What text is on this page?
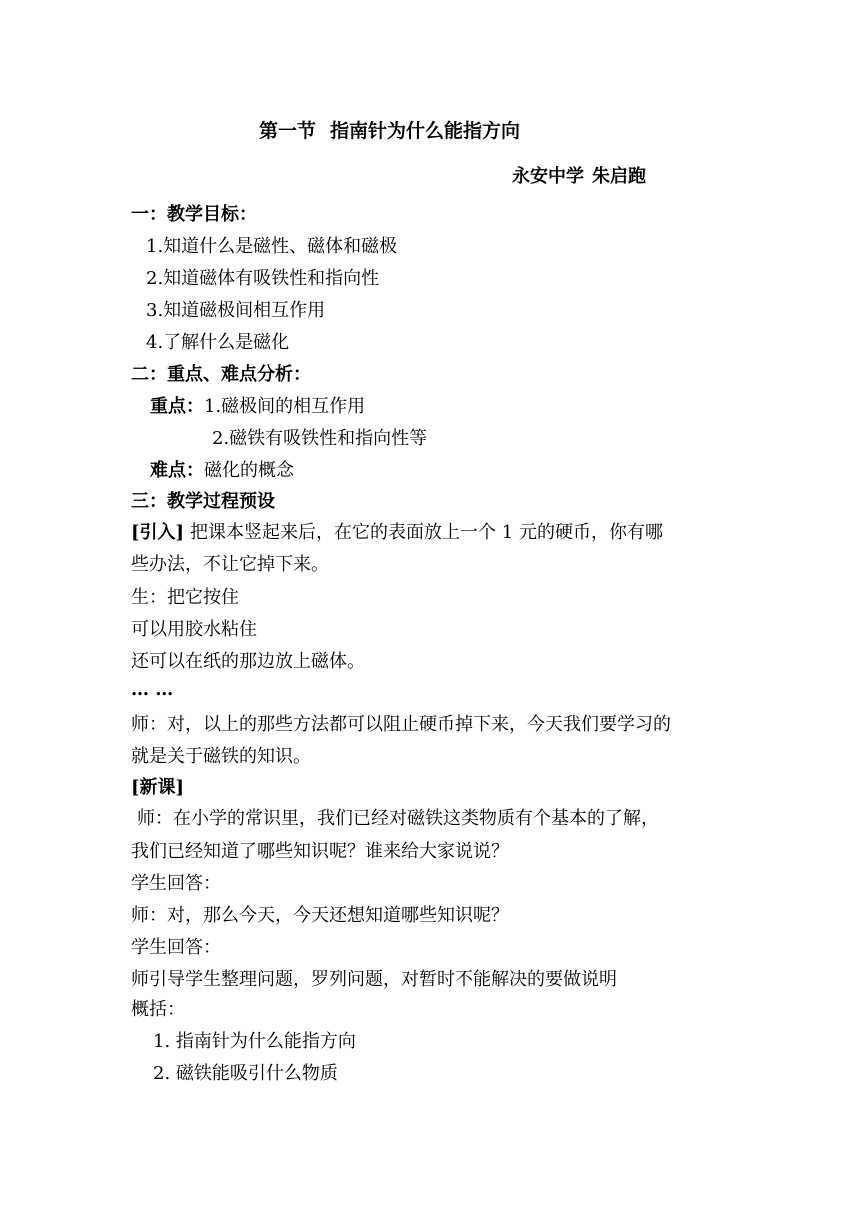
第一节 指南针为什么能指方向
永安中学 朱启跑
一：教学目标：
1.知道什么是磁性、磁体和磁极
2.知道磁体有吸铁性和指向性
3.知道磁极间相互作用
4.了解什么是磁化
二：重点、难点分析：
重点：1.磁极间的相互作用
2.磁铁有吸铁性和指向性等
难点：磁化的概念
三：教学过程预设
[引入] 把课本竖起来后，在它的表面放上一个 1 元的硬币，你有哪
些办法，不让它掉下来。
生：把它按住
可以用胶水粘住
还可以在纸的那边放上磁体。
… …
师：对，以上的那些方法都可以阻止硬币掉下来，今天我们要学习的
就是关于磁铁的知识。
[新课]
师：在小学的常识里，我们已经对磁铁这类物质有个基本的了解，
我们已经知道了哪些知识呢？谁来给大家说说？
学生回答：
师：对，那么今天，今天还想知道哪些知识呢？
学生回答：
师引导学生整理问题，罗列问题，对暂时不能解决的要做说明
概括：
1. 指南针为什么能指方向
2. 磁铁能吸引什么物质
